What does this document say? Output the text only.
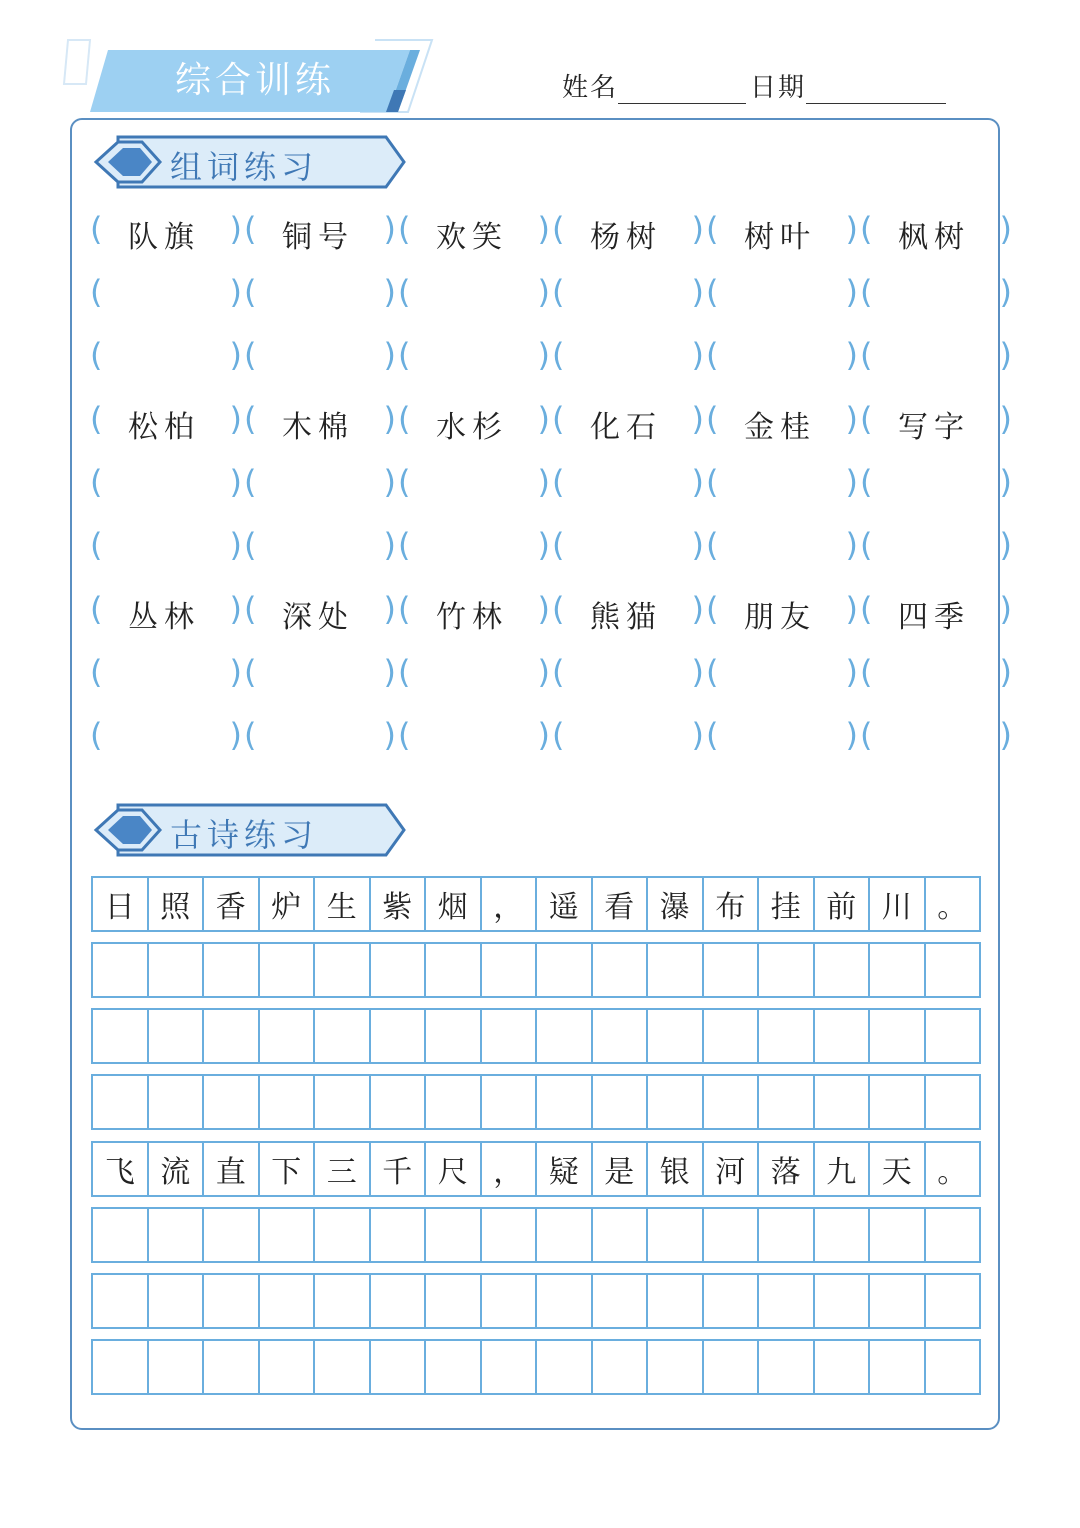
综合训练	姓名	日期
组词练习
( 队旗 ) ( 铜号 ) ( 欢笑 ) ( 杨树 ) ( 树叶 ) ( 枫树 )
(	) (	) (	) (	) (	) (	)
(	) (	) (	) (	) (	) (	)
( 松柏 ) ( 木棉 ) ( 水杉 ) ( 化石 ) ( 金桂 ) ( 写字 )
(	) (	) (	) (	) (	) (	)
(	) (	) (	) (	) (	) (	)
( 丛林 ) ( 深处 ) ( 竹林 ) ( 熊猫 ) ( 朋友 ) ( 四季 )
(	) (	) (	) (	) (	) (	)
(	) (	) (	) (	) (	) (	)
古诗练习
日 照 香 炉 生 紫 烟 ， 遥 看 瀑 布 挂 前 川 。
飞 流 直 下 三 千 尺 ， 疑 是 银 河 落 九 天 。
